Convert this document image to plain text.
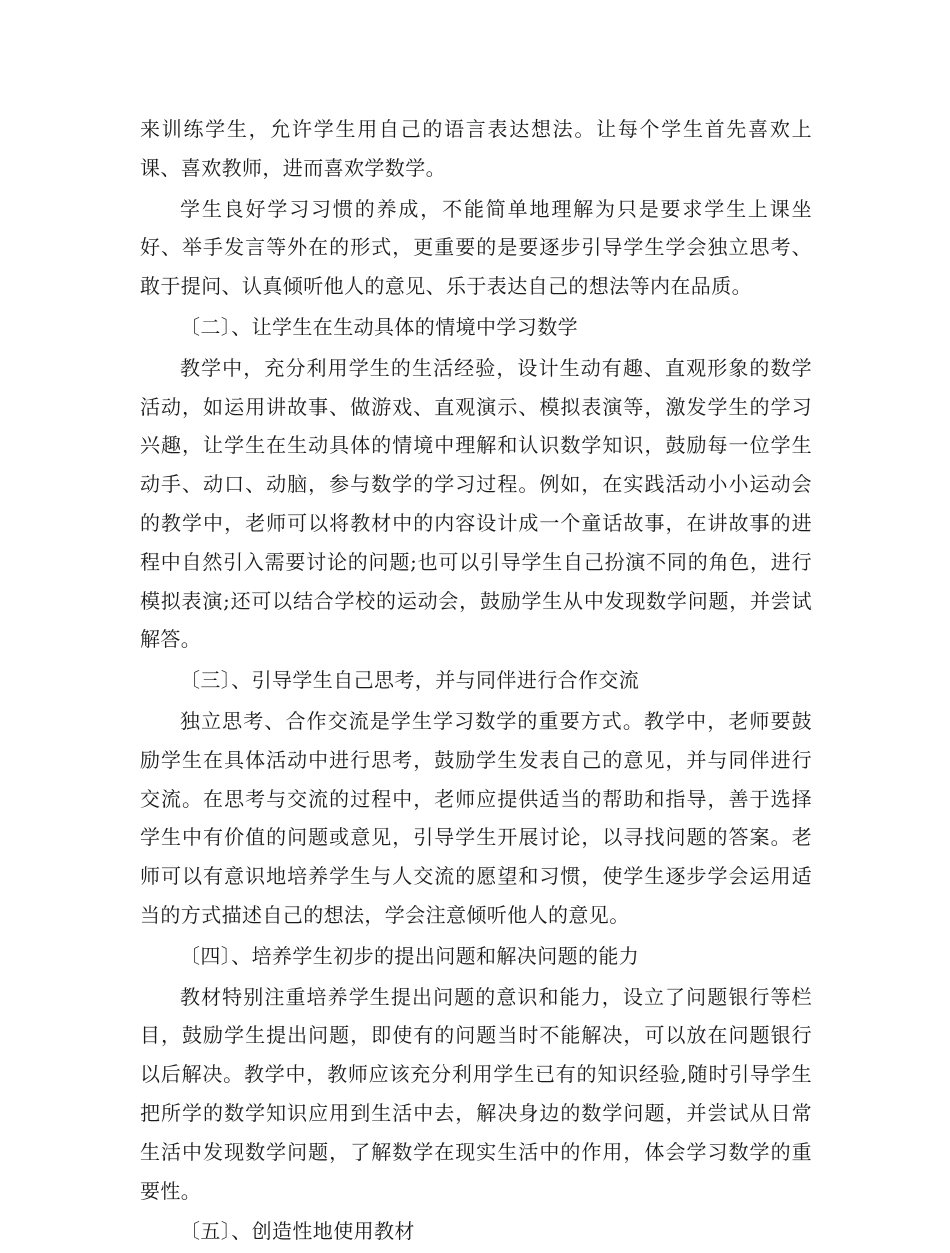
来训练学生，允许学生用自己的语言表达想法。让每个学生首先喜欢上课、喜欢教师，进而喜欢学数学。

学生良好学习习惯的养成，不能简单地理解为只是要求学生上课坐好、举手发言等外在的形式，更重要的是要逐步引导学生学会独立思考、敢于提问、认真倾听他人的意见、乐于表达自己的想法等内在品质。

〔二〕、让学生在生动具体的情境中学习数学

教学中，充分利用学生的生活经验，设计生动有趣、直观形象的数学活动，如运用讲故事、做游戏、直观演示、模拟表演等，激发学生的学习兴趣，让学生在生动具体的情境中理解和认识数学知识，鼓励每一位学生动手、动口、动脑，参与数学的学习过程。例如，在实践活动小小运动会的教学中，老师可以将教材中的内容设计成一个童话故事，在讲故事的进程中自然引入需要讨论的问题;也可以引导学生自己扮演不同的角色，进行模拟表演;还可以结合学校的运动会，鼓励学生从中发现数学问题，并尝试解答。

〔三〕、引导学生自己思考，并与同伴进行合作交流

独立思考、合作交流是学生学习数学的重要方式。教学中，老师要鼓励学生在具体活动中进行思考，鼓励学生发表自己的意见，并与同伴进行交流。在思考与交流的过程中，老师应提供适当的帮助和指导，善于选择学生中有价值的问题或意见，引导学生开展讨论，以寻找问题的答案。老师可以有意识地培养学生与人交流的愿望和习惯，使学生逐步学会运用适当的方式描述自己的想法，学会注意倾听他人的意见。

〔四〕、培养学生初步的提出问题和解决问题的能力

教材特别注重培养学生提出问题的意识和能力，设立了问题银行等栏目，鼓励学生提出问题，即使有的问题当时不能解决，可以放在问题银行以后解决。教学中，教师应该充分利用学生已有的知识经验,随时引导学生把所学的数学知识应用到生活中去，解决身边的数学问题，并尝试从日常生活中发现数学问题，了解数学在现实生活中的作用，体会学习数学的重要性。

〔五〕、创造性地使用教材
